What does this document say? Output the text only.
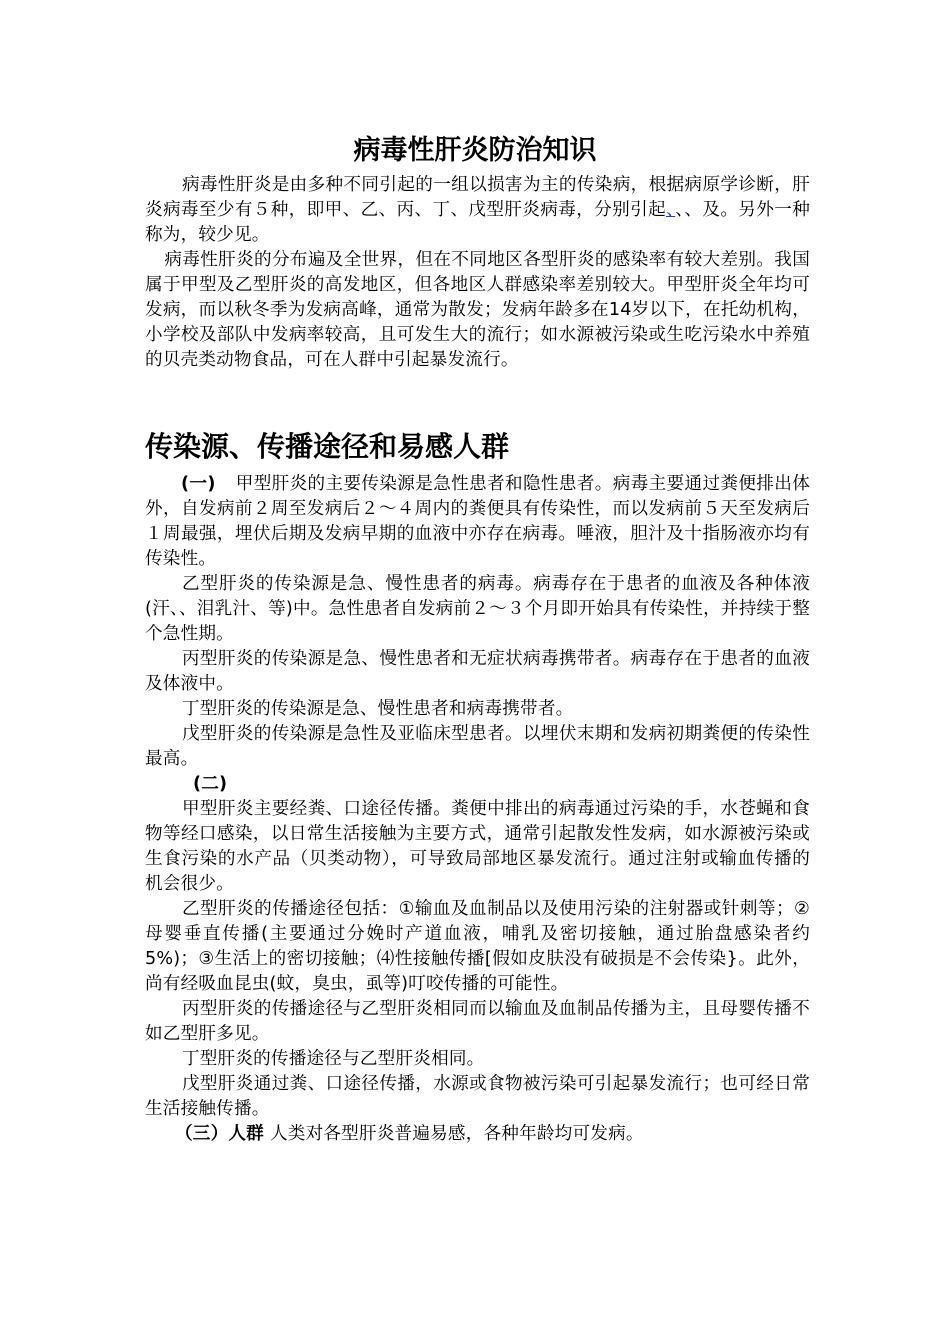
病毒性肝炎防治知识
病毒性肝炎是由多种不同引起的一组以损害为主的传染病，根据病原学诊断，肝炎病毒至少有５种，即甲、乙、丙、丁、戊型肝炎病毒，分别引起、、、及。另外一种称为，较少见。
病毒性肝炎的分布遍及全世界，但在不同地区各型肝炎的感染率有较大差别。我国属于甲型及乙型肝炎的高发地区，但各地区人群感染率差别较大。甲型肝炎全年均可发病，而以秋冬季为发病高峰，通常为散发；发病年龄多在14岁以下，在托幼机构，小学校及部队中发病率较高，且可发生大的流行；如水源被污染或生吃污染水中养殖的贝壳类动物食品，可在人群中引起暴发流行。
传染源、传播途径和易感人群
(一) 甲型肝炎的主要传染源是急性患者和隐性患者。病毒主要通过粪便排出体外，自发病前２周至发病后２～４周内的粪便具有传染性，而以发病前５天至发病后１周最强，埋伏后期及发病早期的血液中亦存在病毒。唾液，胆汁及十指肠液亦均有传染性。
乙型肝炎的传染源是急、慢性患者的病毒。病毒存在于患者的血液及各种体液(汗、、泪乳汁、等)中。急性患者自发病前２～３个月即开始具有传染性，并持续于整个急性期。
丙型肝炎的传染源是急、慢性患者和无症状病毒携带者。病毒存在于患者的血液及体液中。
丁型肝炎的传染源是急、慢性患者和病毒携带者。
戊型肝炎的传染源是急性及亚临床型患者。以埋伏末期和发病初期粪便的传染性最高。
(二)
甲型肝炎主要经粪、口途径传播。粪便中排出的病毒通过污染的手，水苍蝇和食物等经口感染，以日常生活接触为主要方式，通常引起散发性发病，如水源被污染或生食污染的水产品（贝类动物），可导致局部地区暴发流行。通过注射或输血传播的机会很少。
乙型肝炎的传播途径包括：①输血及血制品以及使用污染的注射器或针刺等；②母婴垂直传播(主要通过分娩时产道血液，哺乳及密切接触，通过胎盘感染者约5%)；③生活上的密切接触；⑷性接触传播[假如皮肤没有破损是不会传染}。此外，尚有经吸血昆虫(蚊，臭虫，虱等)叮咬传播的可能性。
丙型肝炎的传播途径与乙型肝炎相同而以输血及血制品传播为主，且母婴传播不如乙型肝多见。
丁型肝炎的传播途径与乙型肝炎相同。
戊型肝炎通过粪、口途径传播，水源或食物被污染可引起暴发流行；也可经日常生活接触传播。
（三）人群 人类对各型肝炎普遍易感，各种年龄均可发病。
